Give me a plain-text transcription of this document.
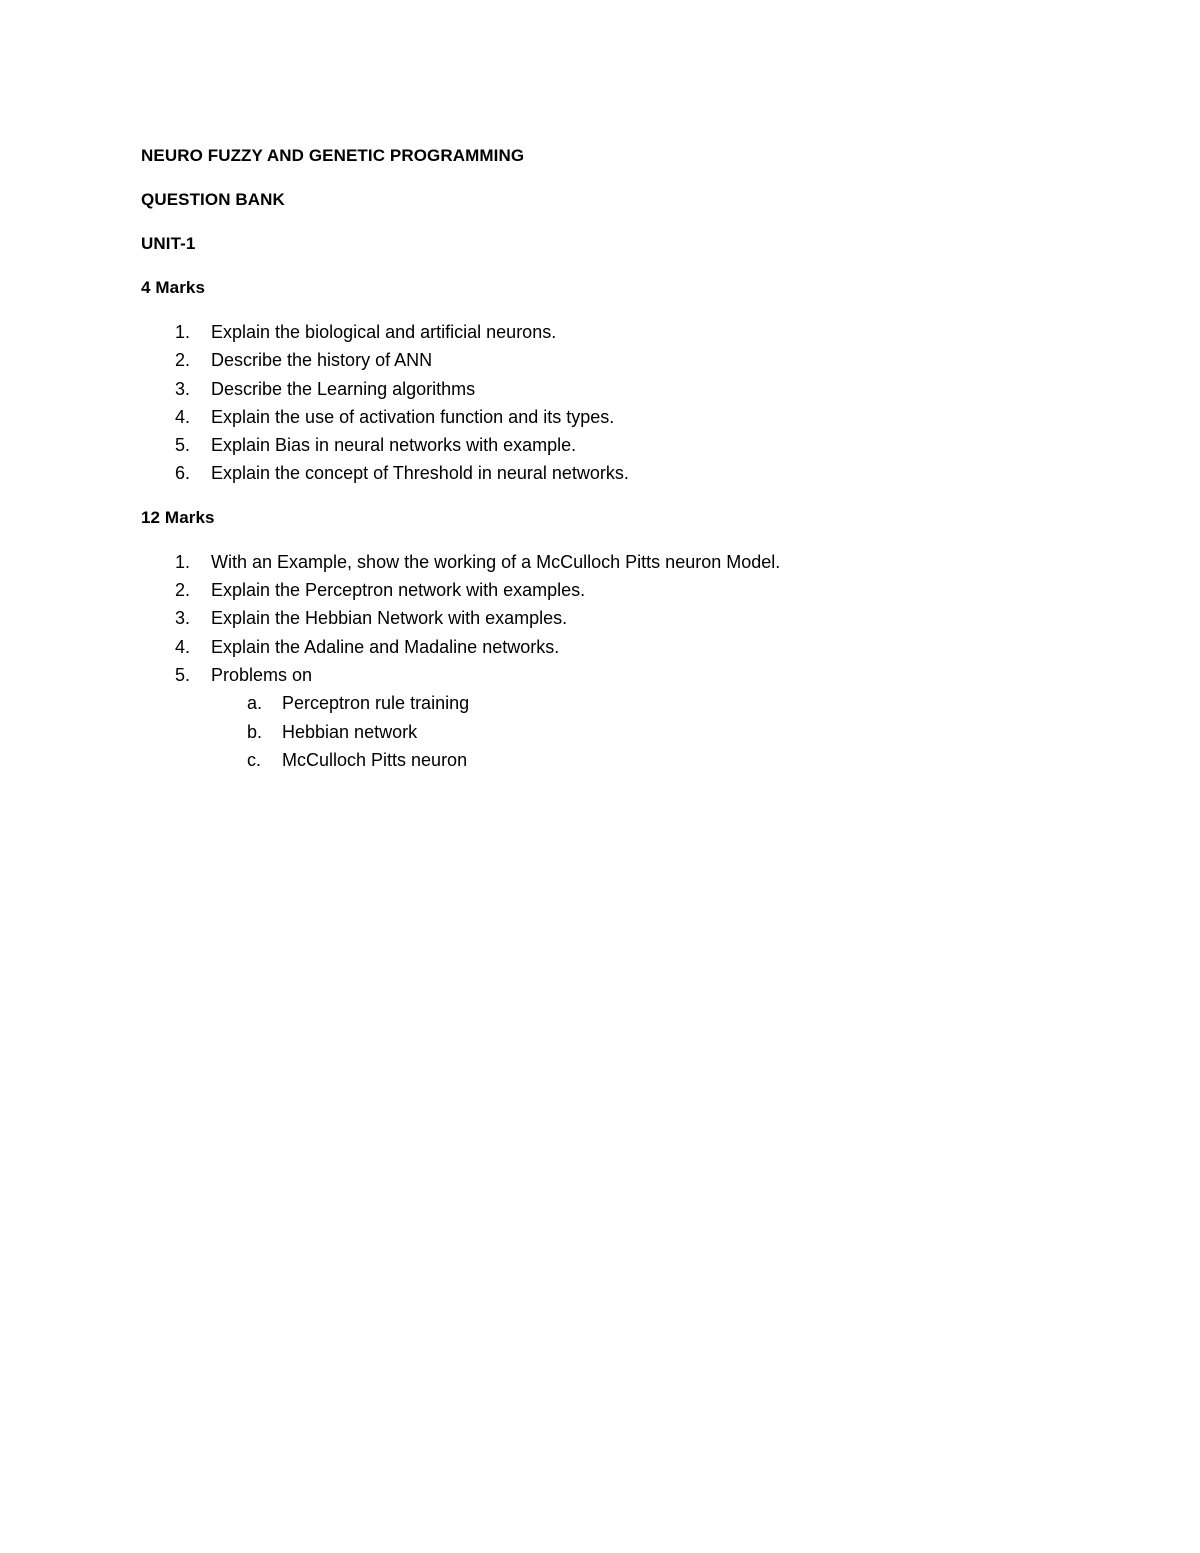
NEURO FUZZY AND GENETIC PROGRAMMING
QUESTION BANK
UNIT-1
4 Marks
1.	Explain the biological and artificial neurons.
2.	Describe the history of ANN
3.	Describe the Learning algorithms
4.	Explain the use of activation function and its types.
5.	Explain Bias in neural networks with example.
6.	Explain the concept of Threshold in neural networks.
12 Marks
1.	With an Example, show the working of a McCulloch Pitts neuron Model.
2.	Explain the Perceptron network with examples.
3.	Explain the Hebbian Network with examples.
4.	Explain the Adaline and Madaline networks.
5.	Problems on
a.	Perceptron rule training
b.	Hebbian network
c.	McCulloch Pitts neuron
